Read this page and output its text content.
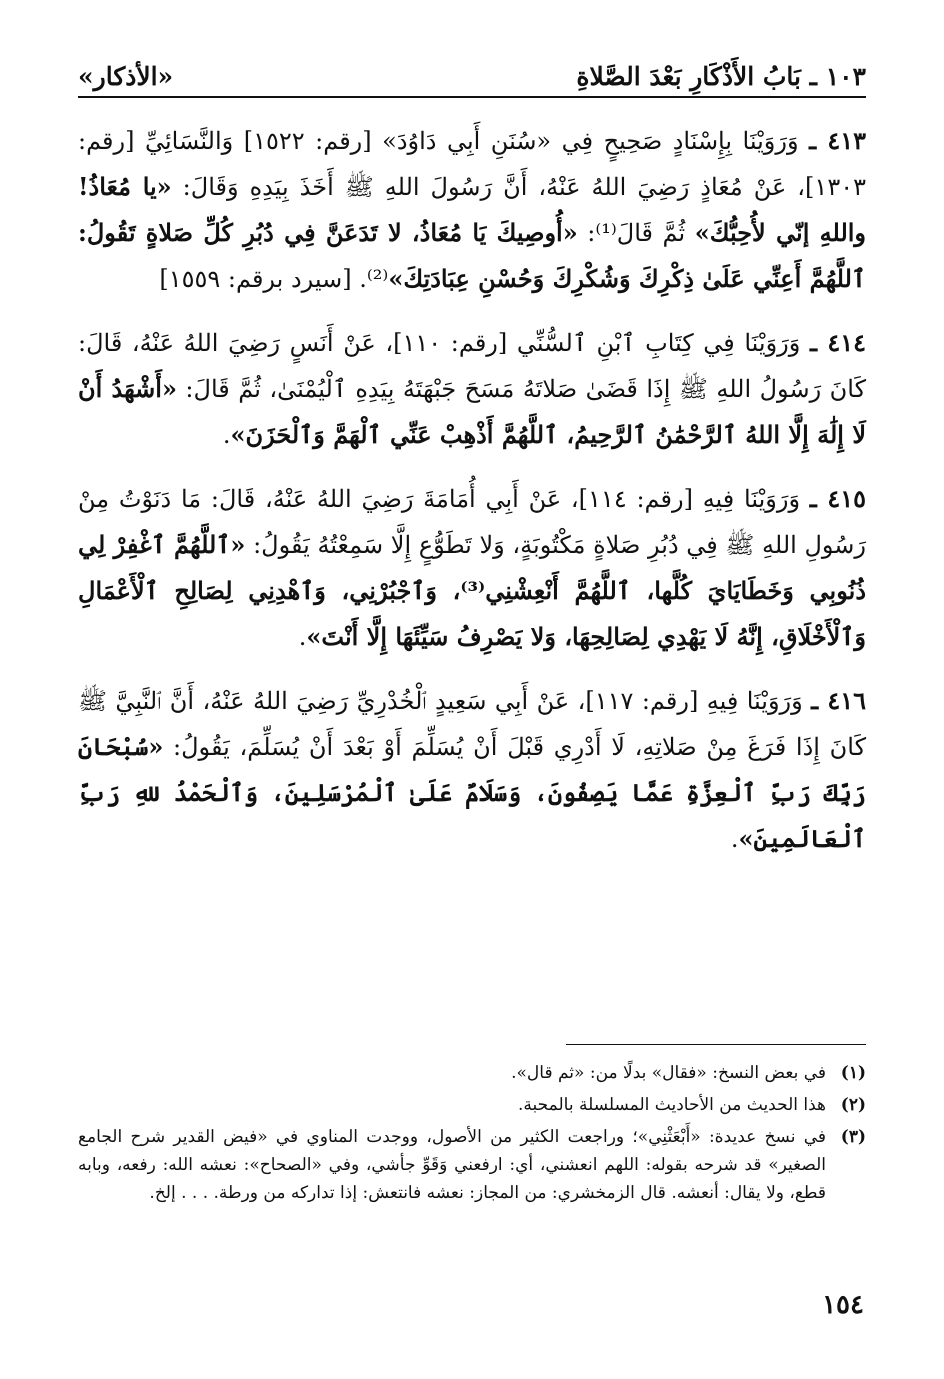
١٠٣ ـ بَابُ الأَذْكَارِ بَعْدَ الصَّلاةِ
«الأذكار»

٤١٣ ـ وَرَوَيْنَا بِإِسْنَادٍ صَحِيحٍ فِي «سُنَنِ أَبِي دَاوُدَ» [رقم: ١٥٢٢] وَالنَّسَائِيِّ [رقم: ١٣٠٣]، عَنْ مُعَاذٍ رَضِيَ اللهُ عَنْهُ، أَنَّ رَسُولَ اللهِ ﷺ أَخَذَ بِيَدِهِ وَقَالَ: «يا مُعَاذُ! واللهِ إنّي لأُحِبُّكَ» ثُمَّ قَالَ⁽¹⁾: «أُوصِيكَ يَا مُعَاذُ، لا تَدَعَنَّ فِي دُبُرِ كُلِّ صَلاةٍ تَقُولُ: ٱللَّهُمَّ أَعِنِّي عَلَىٰ ذِكْرِكَ وَشُكْرِكَ وَحُسْنِ عِبَادَتِكَ»⁽²⁾. [سيرد برقم: ١٥٥٩]

٤١٤ ـ وَرَوَيْنَا فِي كِتَابِ ٱبْنِ ٱلسُّنِّي [رقم: ١١٠]، عَنْ أَنَسٍ رَضِيَ اللهُ عَنْهُ، قَالَ: كَانَ رَسُولُ اللهِ ﷺ إِذَا قَضَىٰ صَلاتَهُ مَسَحَ جَبْهَتَهُ بِيَدِهِ ٱلْيُمْنَىٰ، ثُمَّ قَالَ: «أَشْهَدُ أَنْ لَا إِلَٰهَ إِلَّا اللهُ ٱلرَّحْمَٰنُ ٱلرَّحِيمُ، ٱللَّهُمَّ أَذْهِبْ عَنِّي ٱلْهَمَّ وَٱلْحَزَنَ».

٤١٥ ـ وَرَوَيْنَا فِيهِ [رقم: ١١٤]، عَنْ أَبِي أُمَامَةَ رَضِيَ اللهُ عَنْهُ، قَالَ: مَا دَنَوْتُ مِنْ رَسُولِ اللهِ ﷺ فِي دُبُرِ صَلاةٍ مَكْتُوبَةٍ، وَلا تَطَوُّعٍ إِلَّا سَمِعْتُهُ يَقُولُ: «ٱللَّهُمَّ ٱغْفِرْ لِي ذُنُوبِي وَخَطَايَايَ كُلَّها، ٱللَّهُمَّ أَنْعِشْنِي⁽³⁾، وَٱجْبُرْنِي، وَٱهْدِنِي لِصَالِحِ ٱلْأَعْمَالِ وَٱلْأَخْلَاقِ، إِنَّهُ لَا يَهْدِي لِصَالِحِهَا، وَلا يَصْرِفُ سَيِّئَهَا إِلَّا أَنْتَ».

٤١٦ ـ وَرَوَيْنَا فِيهِ [رقم: ١١٧]، عَنْ أَبِي سَعِيدٍ ٱلْخُدْرِيِّ رَضِيَ اللهُ عَنْهُ، أَنَّ ٱلنَّبِيَّ ﷺ كَانَ إِذَا فَرَغَ مِنْ صَلاتِهِ، لَا أَدْرِي قَبْلَ أَنْ يُسَلِّمَ أَوْ بَعْدَ أَنْ يُسَلِّمَ، يَقُولُ: «سُبْحَانَ رَبِّكَ رَبِّ ٱلْعِزَّةِ عَمَّا يَصِفُونَ، وَسَلَامٌ عَلَىٰ ٱلْمُرْسَلِينَ، وَٱلْحَمْدُ للهِ رَبِّ ٱلْعَالَمِينَ».

(١)
في بعض النسخ: «فقال» بدلًا من: «ثم قال».
(٢)
هذا الحديث من الأحاديث المسلسلة بالمحبة.
(٣)
في نسخ عديدة: «أَبْعَثْنِي»؛ وراجعت الكثير من الأصول، ووجدت المناوي في «فيض القدير شرح الجامع الصغير» قد شرحه بقوله: اللهم انعشني، أي: ارفعني وَقَوِّ جأشي، وفي «الصحاح»: نعشه الله: رفعه، وبابه قطع، ولا يقال: أنعشه. قال الزمخشري: من المجاز: نعشه فانتعش: إذا تداركه من ورطة. . . . إلخ.
١٥٤
